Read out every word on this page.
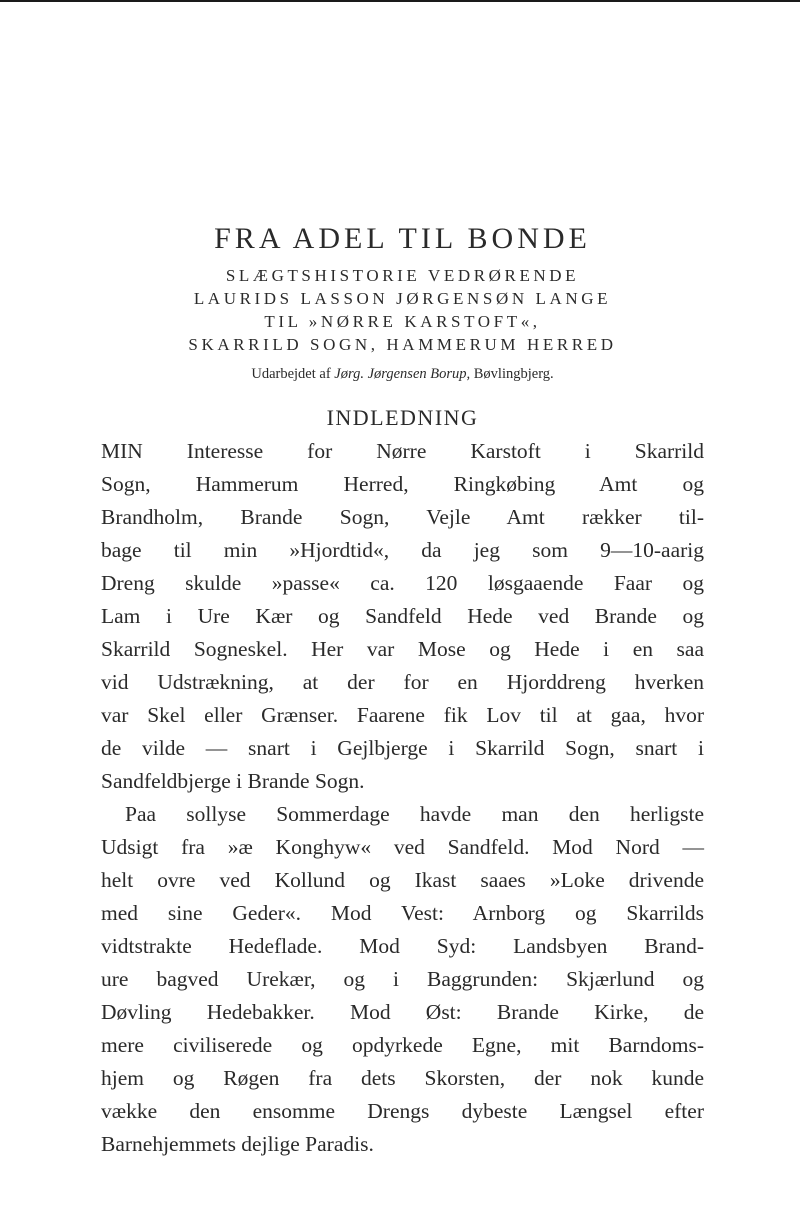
FRA ADEL TIL BONDE
SLÆGTSHISTORIE VEDRØRENDE
LAURIDS LASSON JØRGENSØN LANGE
TIL »NØRRE KARSTOFT«,
SKARRILD SOGN, HAMMERUM HERRED
Udarbejdet af Jørg. Jørgensen Borup, Bøvlingbjerg.
INDLEDNING
MIN Interesse for Nørre Karstoft i Skarrild
Sogn, Hammerum Herred, Ringkøbing Amt og
Brandholm, Brande Sogn, Vejle Amt rækker til-
bage til min »Hjordtid«, da jeg som 9—10-aarig
Dreng skulde »passe« ca. 120 løsgaaende Faar og
Lam i Ure Kær og Sandfeld Hede ved Brande og
Skarrild Sogneskel. Her var Mose og Hede i en saa
vid Udstrækning, at der for en Hjorddreng hverken
var Skel eller Grænser. Faarene fik Lov til at gaa, hvor
de vilde — snart i Gejlbjerge i Skarrild Sogn, snart i
Sandfeldbjerge i Brande Sogn.
Paa sollyse Sommerdage havde man den herligste
Udsigt fra »æ Konghyw« ved Sandfeld. Mod Nord —
helt ovre ved Kollund og Ikast saaes »Loke drivende
med sine Geder«. Mod Vest: Arnborg og Skarrilds
vidtstrakte Hedeflade. Mod Syd: Landsbyen Brand-
ure bagved Urekær, og i Baggrunden: Skjærlund og
Døvling Hedebakker. Mod Øst: Brande Kirke, de
mere civiliserede og opdyrkede Egne, mit Barndoms-
hjem og Røgen fra dets Skorsten, der nok kunde
vække den ensomme Drengs dybeste Længsel efter
Barnehjemmets dejlige Paradis.
